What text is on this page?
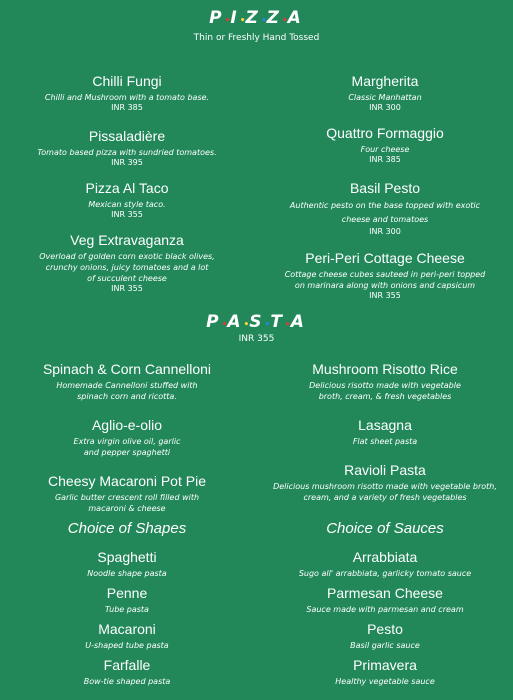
P•I•Z•Z•A
Thin or Freshly Hand Tossed
Chilli Fungi
Chilli and Mushroom with a tomato base.
INR 385
Pissaladière
Tomato based pizza with sundried tomatoes.
INR 395
Pizza Al Taco
Mexican style taco.
INR 355
Veg Extravaganza
Overload of golden corn exotic black olives,
crunchy onions, juicy tomatoes and a lot
of succulent cheese
INR 355
Margherita
Classic Manhattan
INR 300
Quattro Formaggio
Four cheese
INR 385
Basil Pesto
Authentic pesto on the base topped with exotic
cheese and tomatoes
INR 300
Peri-Peri Cottage Cheese
Cottage cheese cubes sauteed in peri-peri topped
on marinara along with onions and capsicum
INR 355
P•A•S•T•A
INR 355
Spinach & Corn Cannelloni
Homemade Cannelloni stuffed with
spinach corn and ricotta.
Aglio-e-olio
Extra virgin olive oil, garlic
and pepper spaghetti
Cheesy Macaroni Pot Pie
Garlic butter crescent roll filled with
macaroni & cheese
Mushroom Risotto Rice
Delicious risotto made with vegetable
broth, cream, & fresh vegetables
Lasagna
Flat sheet pasta
Ravioli Pasta
Delicious mushroom risotto made with vegetable broth,
cream, and a variety of fresh vegetables
Choice of Shapes	Choice of Sauces
Spaghetti
Noodle shape pasta
Penne
Tube pasta
Macaroni
U-shaped tube pasta
Farfalle
Bow-tie shaped pasta
Arrabbiata
Sugo all' arrabbiata, garlicky tomato sauce
Parmesan Cheese
Sauce made with parmesan and cream
Pesto
Basil garlic sauce
Primavera
Healthy vegetable sauce
